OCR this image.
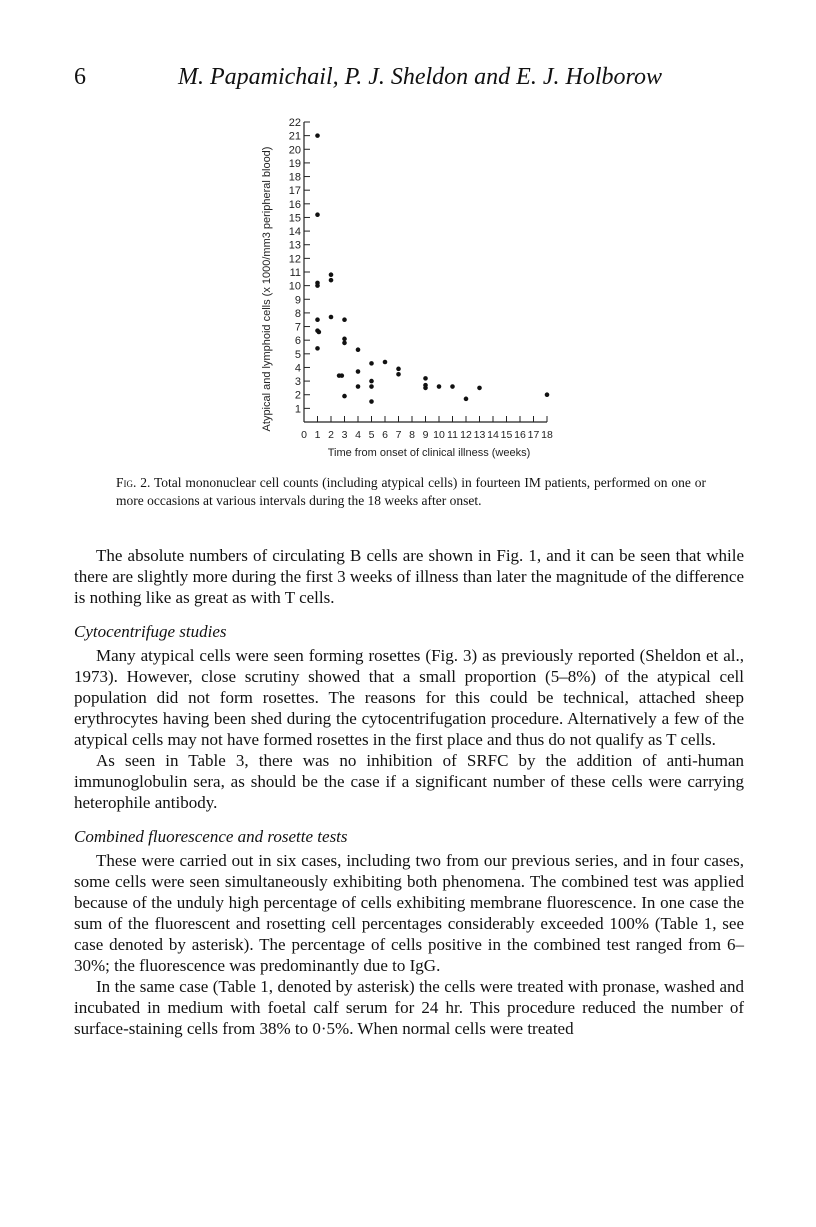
6	M. Papamichail, P. J. Sheldon and E. J. Holborow
Atypical and lymphoid cells (x 1000/mm3 peripheral blood)
Time from onset of clinical illness (weeks)
1
2
3
4
5
6
7
8
9
10
11
12
13
14
15
16
17
18
19
20
21
22
0 1 2 3 4 5 6 7 8 9 10 11 12 13 14 15 16 17 18
Fig. 2. Total mononuclear cell counts (including atypical cells) in fourteen IM patients, performed on one or more occasions at various intervals during the 18 weeks after onset.

The absolute numbers of circulating B cells are shown in Fig. 1, and it can be seen that while there are slightly more during the first 3 weeks of illness than later the magnitude of the difference is nothing like as great as with T cells.

Cytocentrifuge studies

Many atypical cells were seen forming rosettes (Fig. 3) as previously reported (Sheldon et al., 1973). However, close scrutiny showed that a small proportion (5–8%) of the atypical cell population did not form rosettes. The reasons for this could be technical, attached sheep erythrocytes having been shed during the cytocentrifugation procedure. Alternatively a few of the atypical cells may not have formed rosettes in the first place and thus do not qualify as T cells.

As seen in Table 3, there was no inhibition of SRFC by the addition of anti-human immunoglobulin sera, as should be the case if a significant number of these cells were carrying heterophile antibody.

Combined fluorescence and rosette tests

These were carried out in six cases, including two from our previous series, and in four cases, some cells were seen simultaneously exhibiting both phenomena. The combined test was applied because of the unduly high percentage of cells exhibiting membrane fluorescence. In one case the sum of the fluorescent and rosetting cell percentages considerably exceeded 100% (Table 1, see case denoted by asterisk). The percentage of cells positive in the combined test ranged from 6–30%; the fluorescence was predominantly due to IgG.

In the same case (Table 1, denoted by asterisk) the cells were treated with pronase, washed and incubated in medium with foetal calf serum for 24 hr. This procedure reduced the number of surface-staining cells from 38% to 0·5%. When normal cells were treated
